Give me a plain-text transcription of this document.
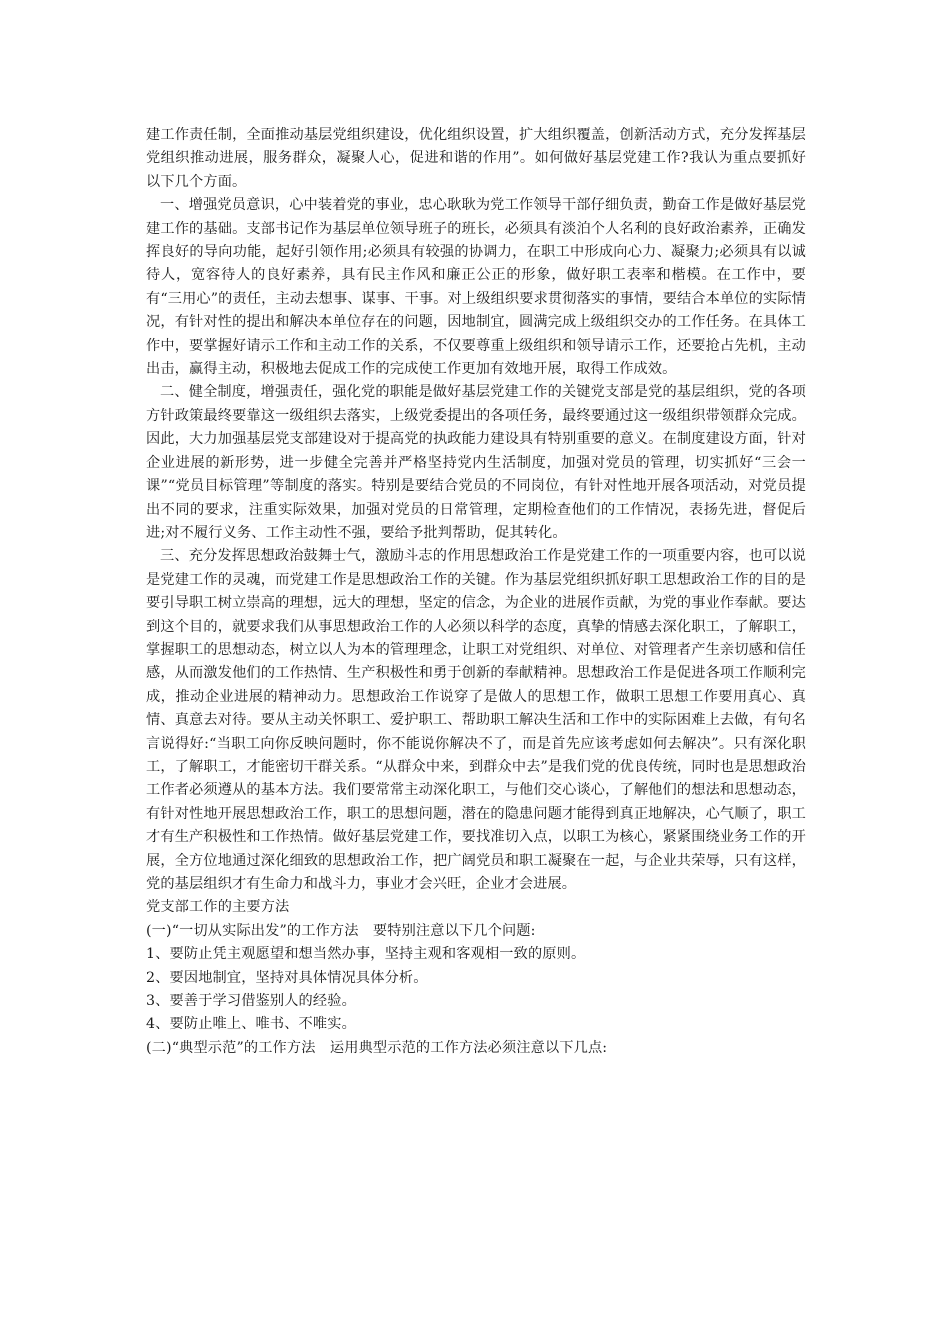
建工作责任制，全面推动基层党组织建设，优化组织设置，扩大组织覆盖，创新活动方式，充分发挥基层党组织推动进展，服务群众，凝聚人心，促进和谐的作用”。如何做好基层党建工作?我认为重点要抓好以下几个方面。

一、增强党员意识，心中装着党的事业，忠心耿耿为党工作领导干部仔细负责，勤奋工作是做好基层党建工作的基础。支部书记作为基层单位领导班子的班长，必须具有淡泊个人名利的良好政治素养，正确发挥良好的导向功能，起好引领作用;必须具有较强的协调力，在职工中形成向心力、凝聚力;必须具有以诚待人，宽容待人的良好素养，具有民主作风和廉正公正的形象，做好职工表率和楷模。在工作中，要有“三用心”的责任，主动去想事、谋事、干事。对上级组织要求贯彻落实的事情，要结合本单位的实际情况，有针对性的提出和解决本单位存在的问题，因地制宜，圆满完成上级组织交办的工作任务。在具体工作中，要掌握好请示工作和主动工作的关系，不仅要尊重上级组织和领导请示工作，还要抢占先机，主动出击，赢得主动，积极地去促成工作的完成使工作更加有效地开展，取得工作成效。

二、健全制度，增强责任，强化党的职能是做好基层党建工作的关键党支部是党的基层组织，党的各项方针政策最终要靠这一级组织去落实，上级党委提出的各项任务，最终要通过这一级组织带领群众完成。因此，大力加强基层党支部建设对于提高党的执政能力建设具有特别重要的意义。在制度建设方面，针对企业进展的新形势，进一步健全完善并严格坚持党内生活制度，加强对党员的管理，切实抓好“三会一课”“党员目标管理”等制度的落实。特别是要结合党员的不同岗位，有针对性地开展各项活动，对党员提出不同的要求，注重实际效果，加强对党员的日常管理，定期检查他们的工作情况，表扬先进，督促后进;对不履行义务、工作主动性不强，要给予批判帮助，促其转化。

三、充分发挥思想政治鼓舞士气，激励斗志的作用思想政治工作是党建工作的一项重要内容，也可以说是党建工作的灵魂，而党建工作是思想政治工作的关键。作为基层党组织抓好职工思想政治工作的目的是要引导职工树立崇高的理想，远大的理想，坚定的信念，为企业的进展作贡献，为党的事业作奉献。要达到这个目的，就要求我们从事思想政治工作的人必须以科学的态度，真挚的情感去深化职工，了解职工，掌握职工的思想动态，树立以人为本的管理理念，让职工对党组织、对单位、对管理者产生亲切感和信任感，从而激发他们的工作热情、生产积极性和勇于创新的奉献精神。思想政治工作是促进各项工作顺利完成，推动企业进展的精神动力。思想政治工作说穿了是做人的思想工作，做职工思想工作要用真心、真情、真意去对待。要从主动关怀职工、爱护职工、帮助职工解决生活和工作中的实际困难上去做，有句名言说得好:“当职工向你反映问题时，你不能说你解决不了，而是首先应该考虑如何去解决”。只有深化职工，了解职工，才能密切干群关系。“从群众中来，到群众中去”是我们党的优良传统，同时也是思想政治工作者必须遵从的基本方法。我们要常常主动深化职工，与他们交心谈心，了解他们的想法和思想动态，有针对性地开展思想政治工作，职工的思想问题，潜在的隐患问题才能得到真正地解决，心气顺了，职工才有生产积极性和工作热情。做好基层党建工作，要找准切入点，以职工为核心，紧紧围绕业务工作的开展，全方位地通过深化细致的思想政治工作，把广阔党员和职工凝聚在一起，与企业共荣辱，只有这样，党的基层组织才有生命力和战斗力，事业才会兴旺，企业才会进展。

党支部工作的主要方法

(一)“一切从实际出发”的工作方法　要特别注意以下几个问题:

1、要防止凭主观愿望和想当然办事，坚持主观和客观相一致的原则。

2、要因地制宜，坚持对具体情况具体分析。

3、要善于学习借鉴别人的经验。

4、要防止唯上、唯书、不唯实。

(二)“典型示范”的工作方法　运用典型示范的工作方法必须注意以下几点:
